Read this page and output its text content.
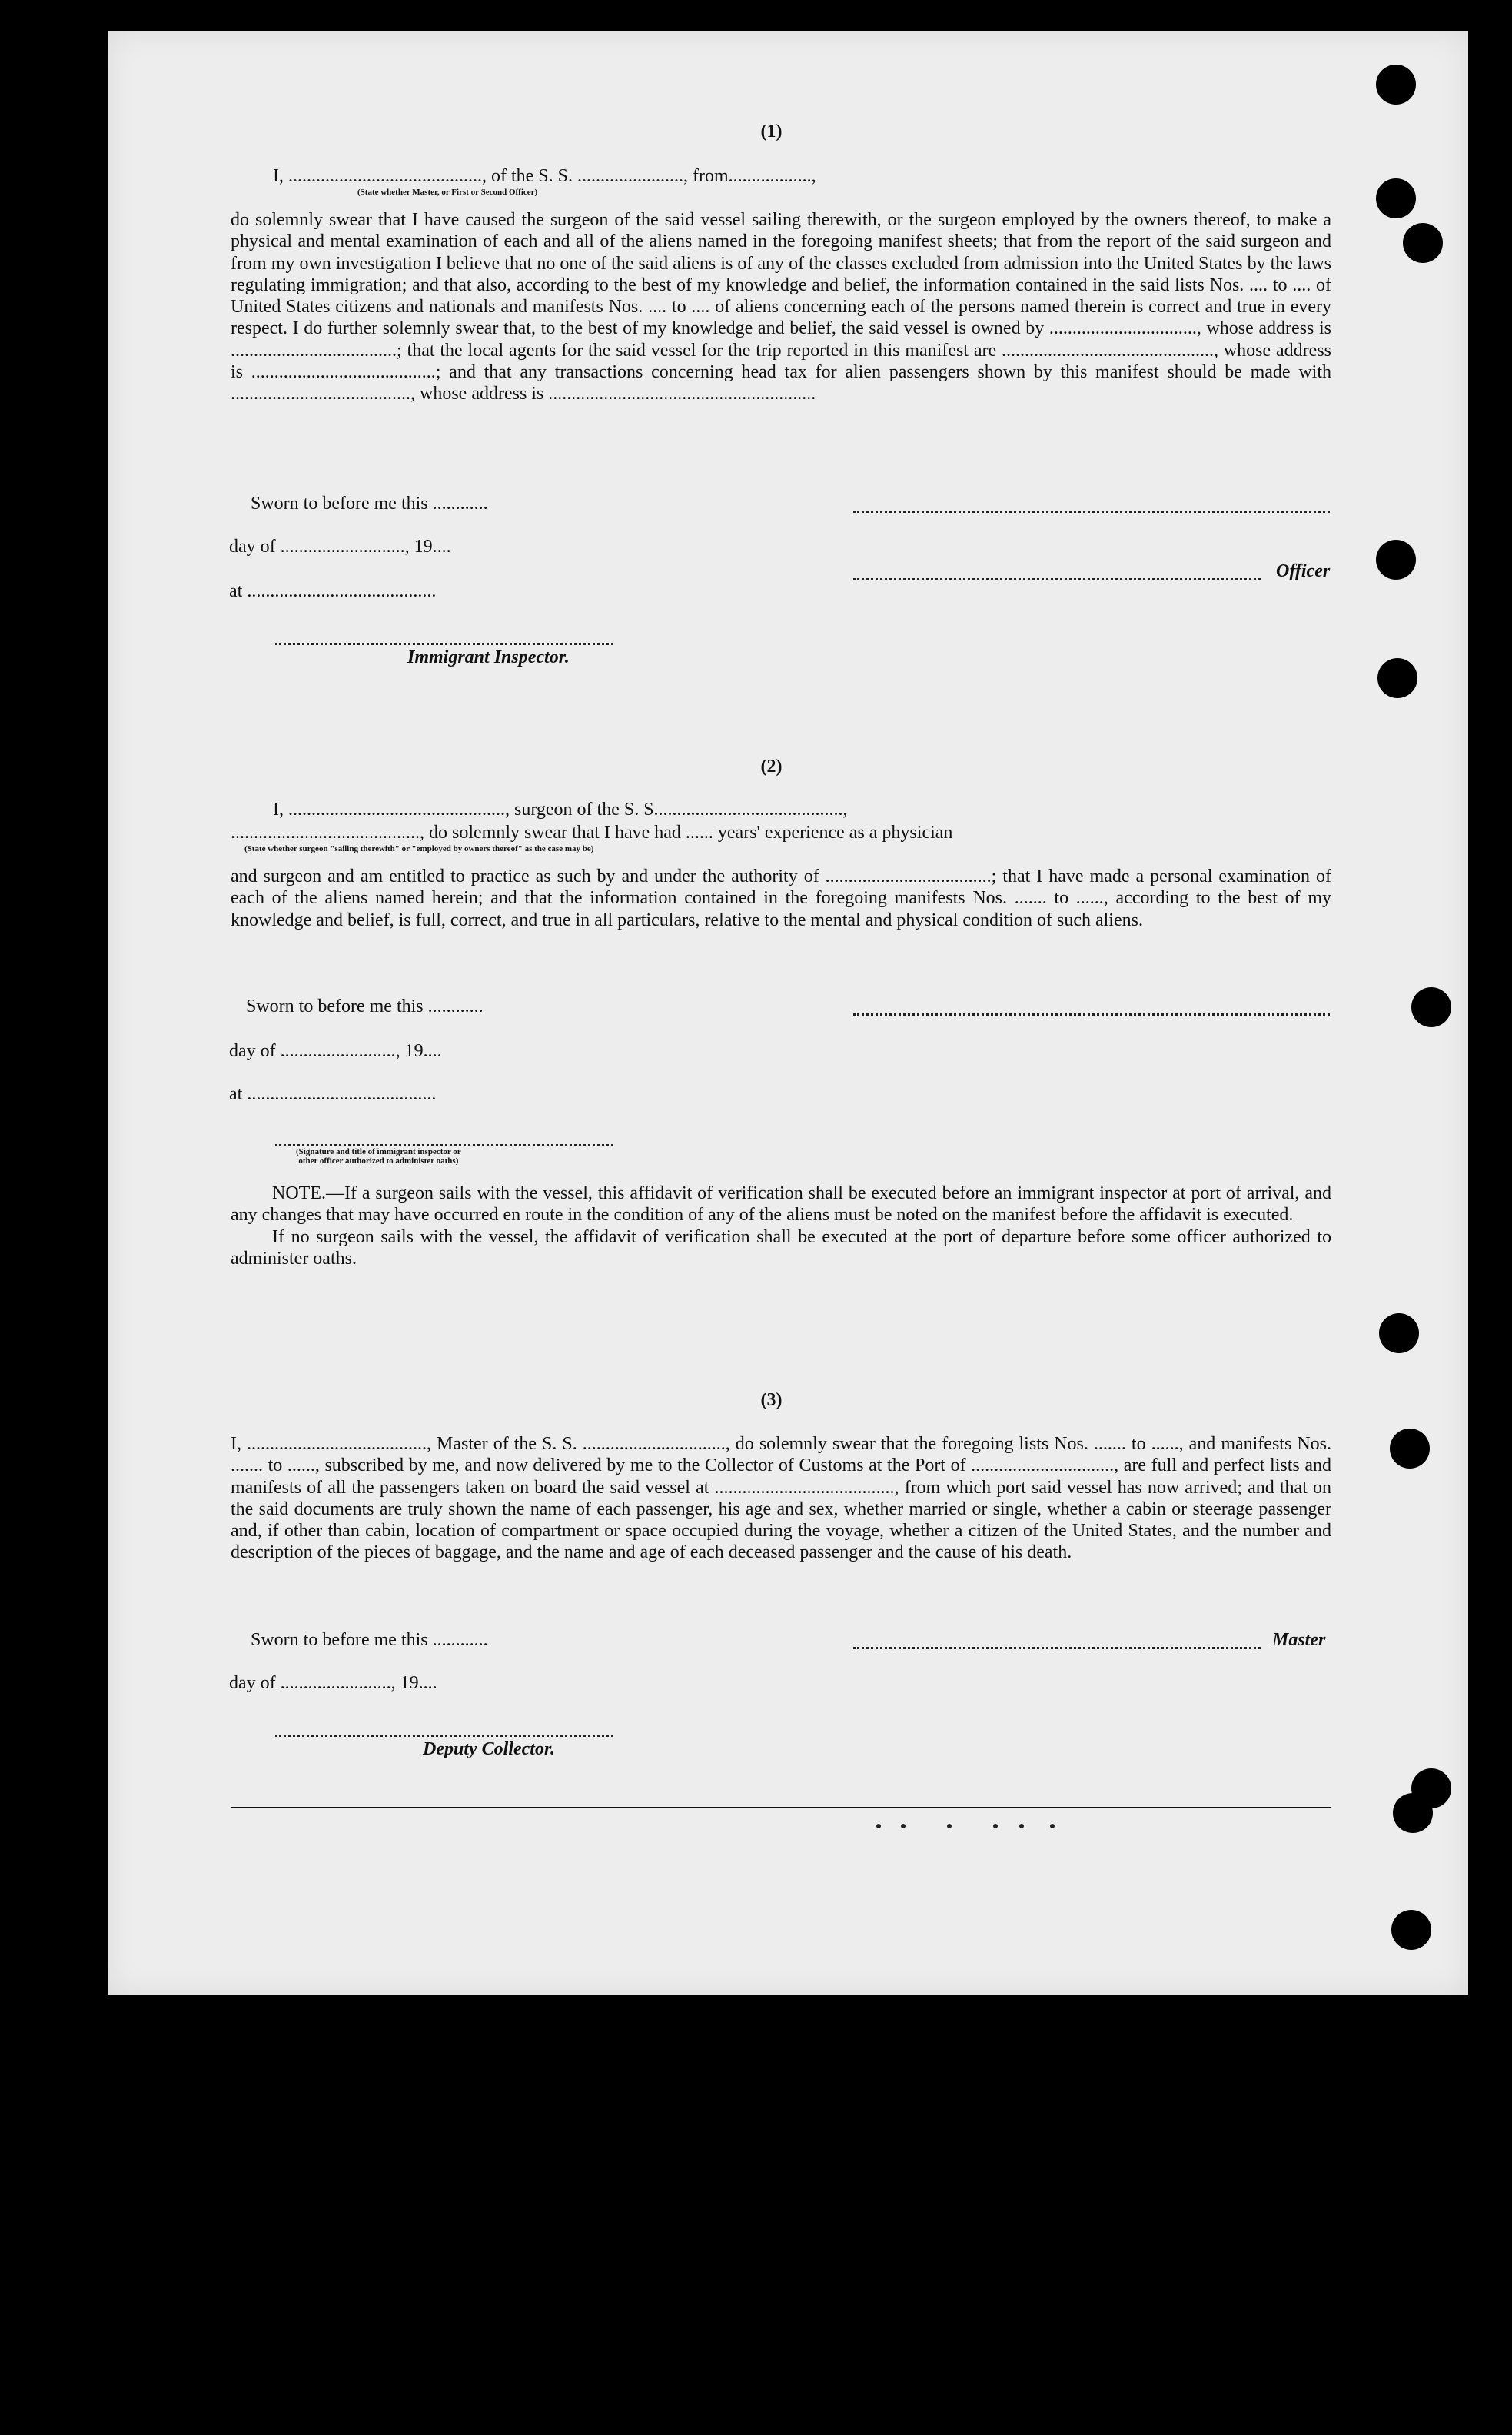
(1)
I, .........................................., of the S. S. ......................., from..................,
(State whether Master, or First or Second Officer)
do solemnly swear that I have caused the surgeon of the said vessel sailing therewith, or the surgeon employed by the owners thereof, to make a physical and mental examination of each and all of the aliens named in the foregoing manifest sheets; that from the report of the said surgeon and from my own investigation I believe that no one of the said aliens is of any of the classes excluded from admission into the United States by the laws regulating immigration; and that also, according to the best of my knowledge and belief, the information contained in the said lists Nos. .... to .... of United States citizens and nationals and manifests Nos. .... to .... of aliens concerning each of the persons named therein is correct and true in every respect. I do further solemnly swear that, to the best of my knowledge and belief, the said vessel is owned by ................................, whose address is ....................................; that the local agents for the said vessel for the trip reported in this manifest are .............................................., whose address is ........................................; and that any transactions concerning head tax for alien passengers shown by this manifest should be made with ......................................., whose address is ..........................................................
Sworn to before me this ............
day of ..........................., 19....
Officer
at .........................................
Immigrant Inspector.
(2)
I, ..............................................., surgeon of the S. S.........................................,
........................................., do solemnly swear that I have had ...... years' experience as a physician
(State whether surgeon "sailing therewith" or "employed by owners thereof" as the case may be)
and surgeon and am entitled to practice as such by and under the authority of ....................................; that I have made a personal examination of each of the aliens named herein; and that the information contained in the foregoing manifests Nos. ....... to ......, according to the best of my knowledge and belief, is full, correct, and true in all particulars, relative to the mental and physical condition of such aliens.
Sworn to before me this ............
day of ........................., 19....
at .........................................
(Signature and title of immigrant inspector or
other officer authorized to administer oaths)

NOTE.—If a surgeon sails with the vessel, this affidavit of verification shall be executed before an immigrant inspector at port of arrival, and any changes that may have occurred en route in the condition of any of the aliens must be noted on the manifest before the affidavit is executed.

If no surgeon sails with the vessel, the affidavit of verification shall be executed at the port of departure before some officer authorized to administer oaths.

(3)
I, ......................................., Master of the S. S. ..............................., do solemnly swear that the foregoing lists Nos. ....... to ......, and manifests Nos. ....... to ......, subscribed by me, and now delivered by me to the Collector of Customs at the Port of ..............................., are full and perfect lists and manifests of all the passengers taken on board the said vessel at ......................................., from which port said vessel has now arrived; and that on the said documents are truly shown the name of each passenger, his age and sex, whether married or single, whether a cabin or steerage passenger and, if other than cabin, location of compartment or space occupied during the voyage, whether a citizen of the United States, and the number and description of the pieces of baggage, and the name and age of each deceased passenger and the cause of his death.
Sworn to before me this ............	Master
day of ........................, 19....
Deputy Collector.
